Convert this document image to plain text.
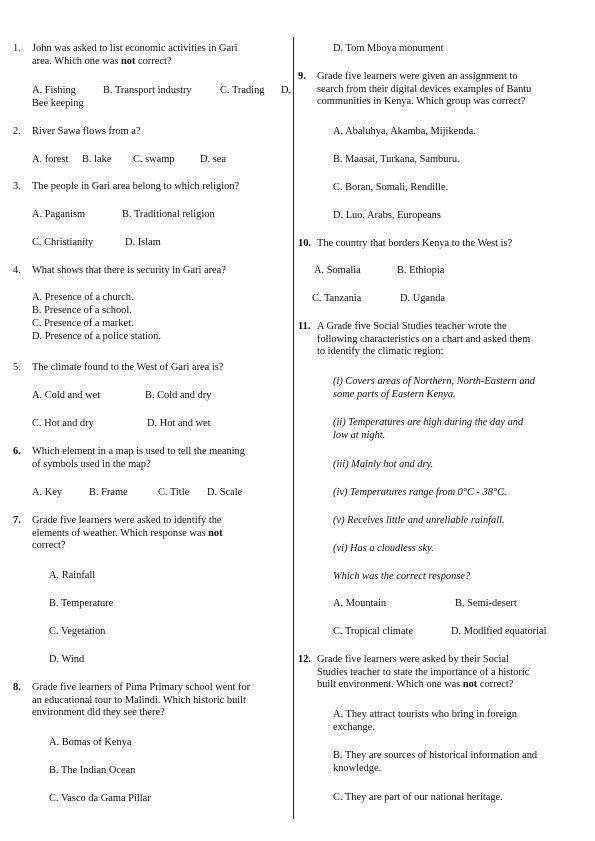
1. John was asked to list economic activities in Gari
area. Which one was not correct?
A. Fishing	B. Transport industry	C. Trading D.
Bee keeping
2. River Sawa flows from a?
A. forest B. lake C. swamp D. sea
3. The people in Gari area belong to which religion?
A. Paganism	B. Traditional religion
C. Christianity	D. Islam
4. What shows that there is security in Gari area?
A. Presence of a church.
B. Presence of a school.
C. Presence of a market.
D. Presence of a police station.
5. The climate found to the West of Gari area is?
A. Cold and wet	B. Cold and dry
C. Hot and dry	D. Hot and wet
6. Which element in a map is used to tell the meaning
of symbols used in the map?
A. Key	B. Frame	C. Title D. Scale
7. Grade five learners were asked to identify the
elements of weather. Which response was not
correct?
A. Rainfall
B. Temperature
C. Vegetation
D. Wind
8. Grade five learners of Pima Primary school went for
an educational tour to Malindi. Which historic built
environment did they see there?
A. Bomas of Kenya
B. The Indian Ocean
C. Vasco da Gama Pillar
D. Tom Mboya monument
9. Grade five learners were given an assignment to
search from their digital devices examples of Bantu
communities in Kenya. Which group was correct?
A. Abaluhya, Akamba, Mijikenda.
B. Maasai, Turkana, Samburu.
C. Boran, Somali, Rendille.
D. Luo, Arabs, Europeans
10. The country that borders Kenya to the West is?
A. Somalia	B. Ethiopia
C. Tanzania	D. Uganda
11. A Grade five Social Studies teacher wrote the
following characteristics on a chart and asked them
to identify the climatic region:
(i) Covers areas of Northern, North-Eastern and
some parts of Eastern Kenya.
(ii) Temperatures are high during the day and
low at night.
(iii) Mainly hot and dry.
(iv) Temperatures range from 0°C - 38°C.
(v) Receives little and unreliable rainfall.
(vi) Has a cloudless sky.
Which was the correct response?
A. Mountain	B. Semi-desert
C. Tropical climate	D. Modified equatorial
12. Grade five learners were asked by their Social
Studies teacher to state the importance of a historic
built environment. Which one was not correct?
A. They attract tourists who bring in foreign
exchange.
B. They are sources of historical information and
knowledge.
C. They are part of our national heritage.
